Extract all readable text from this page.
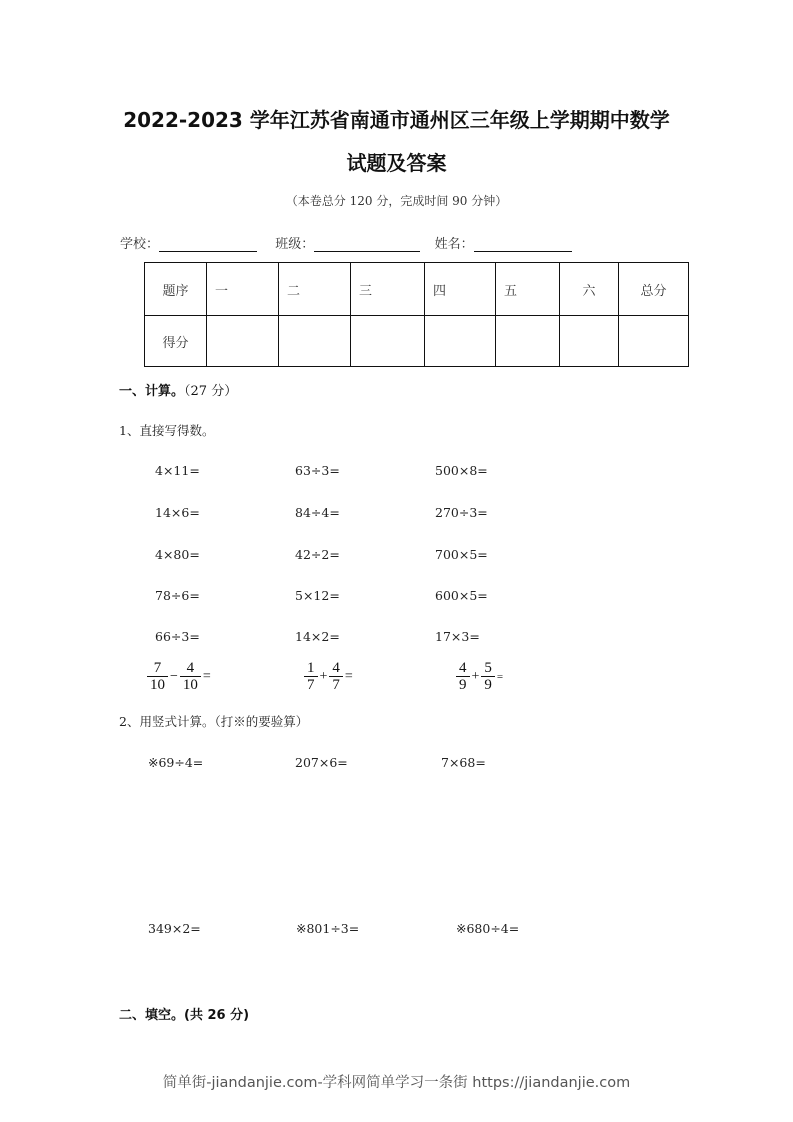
2022-2023 学年江苏省南通市通州区三年级上学期期中数学
试题及答案
（本卷总分 120 分，完成时间 90 分钟）
学校：	班级：	姓名：
题序	一	二	三	四	五	六	总分
得分							
一、计算。（27 分）
1、直接写得数。
4×11=	63÷3=	500×8=
14×6=	84÷4=	270÷3=
4×80=	42÷2=	700×5=
78÷6=	5×12=	600×5=
66÷3=	14×2=	17×3=
$\frac{7}{10} - \frac{4}{10}$ =	$\frac{1}{7} + \frac{4}{7}$ =	$\frac{4}{9} + \frac{5}{9}$ =
2、用竖式计算。（打※的要验算）
※69÷4=	207×6=	7×68=
349×2=	※801÷3=	※680÷4=
二、填空。(共 26 分)
简单街-jiandanjie.com-学科网简单学习一条街 https://jiandanjie.com
